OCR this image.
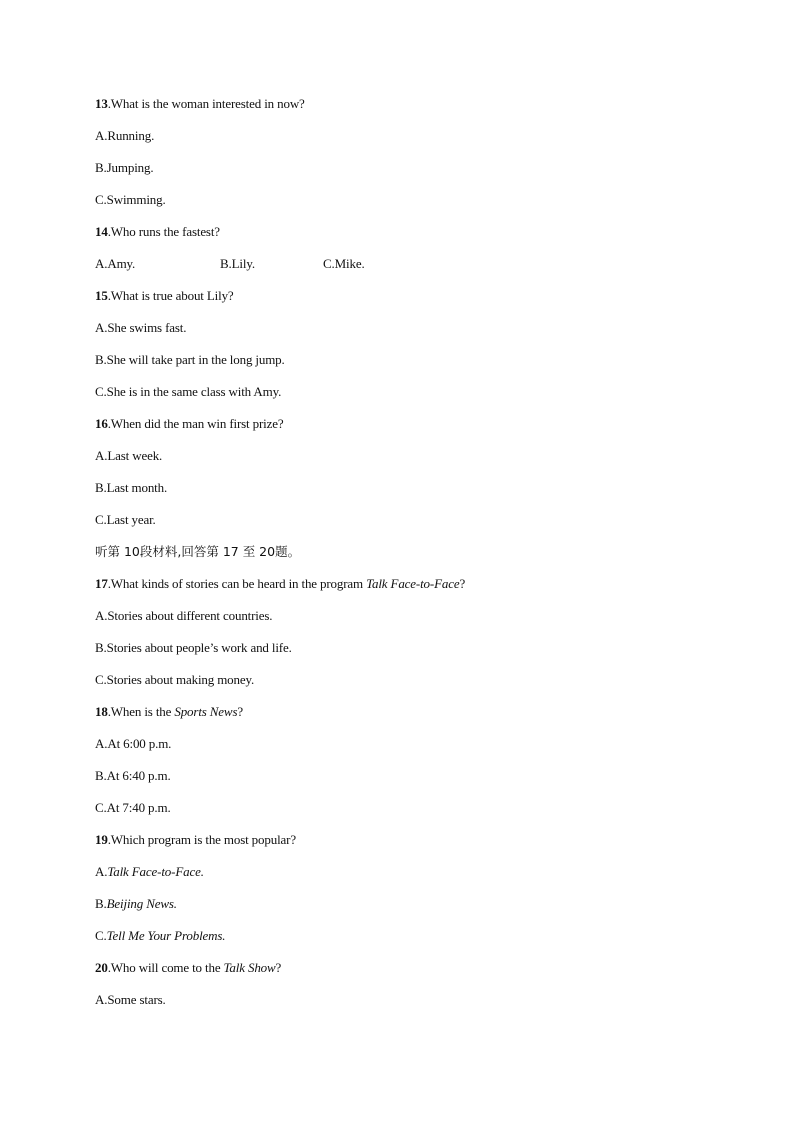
13.What is the woman interested in now?
A.Running.
B.Jumping.
C.Swimming.
14.Who runs the fastest?
A.Amy.	B.Lily.	C.Mike.
15.What is true about Lily?
A.She swims fast.
B.She will take part in the long jump.
C.She is in the same class with Amy.
16.When did the man win first prize?
A.Last week.
B.Last month.
C.Last year.
听第 10段材料,回答第 17 至 20题。
17.What kinds of stories can be heard in the program Talk Face-to-Face?
A.Stories about different countries.
B.Stories about people’s work and life.
C.Stories about making money.
18.When is the Sports News?
A.At 6:00 p.m.
B.At 6:40 p.m.
C.At 7:40 p.m.
19.Which program is the most popular?
A.Talk Face-to-Face.
B.Beijing News.
C.Tell Me Your Problems.
20.Who will come to the Talk Show?
A.Some stars.
